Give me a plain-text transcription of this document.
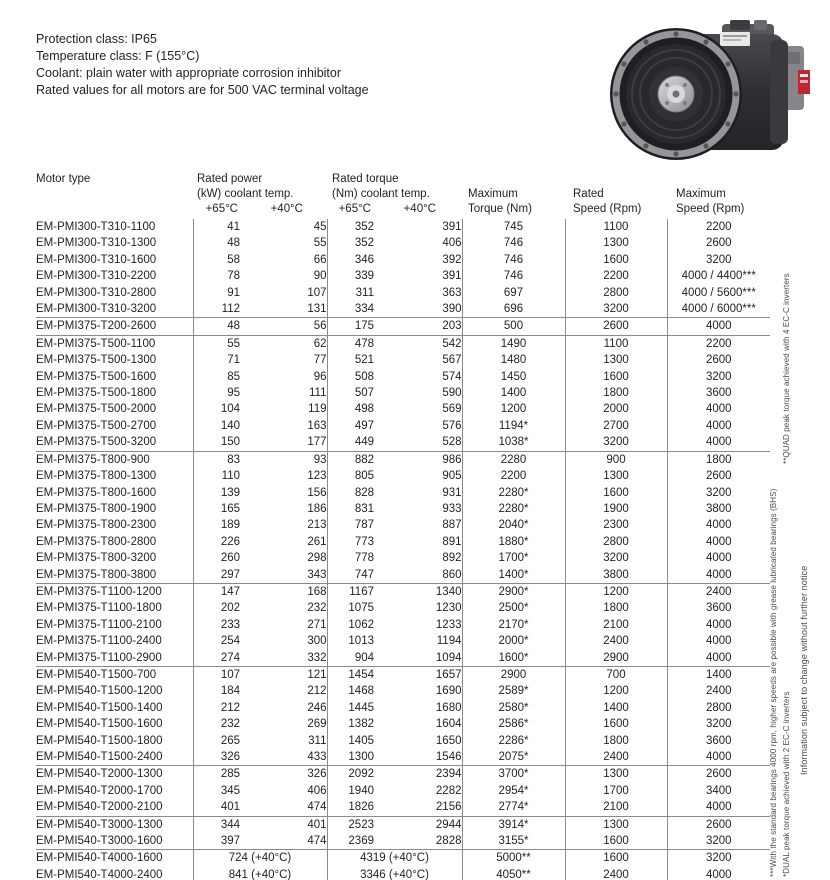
Protection class: IP65
Temperature class: F (155°C)
Coolant: plain water with appropriate corrosion inhibitor
Rated values for all motors are for 500 VAC terminal voltage
Motor type	Rated power
(kW) coolant temp.
+65°C	+40°C
Rated torque
(Nm) coolant temp.
+65°C	+40°C
Maximum
Torque (Nm)
Rated
Speed (Rpm)
Maximum
Speed (Rpm)
EM-PMI300-T310-1100	41	45	352	391	745	1100	2200
EM-PMI300-T310-1300	48	55	352	406	746	1300	2600
EM-PMI300-T310-1600	58	66	346	392	746	1600	3200
EM-PMI300-T310-2200	78	90	339	391	746	2200	4000 / 4400***
EM-PMI300-T310-2800	91	107	311	363	697	2800	4000 / 5600***
EM-PMI300-T310-3200	112	131	334	390	696	3200	4000 / 6000***
EM-PMI375-T200-2600	48	56	175	203	500	2600	4000
EM-PMI375-T500-1100	55	62	478	542	1490	1100	2200
EM-PMI375-T500-1300	71	77	521	567	1480	1300	2600
EM-PMI375-T500-1600	85	96	508	574	1450	1600	3200
EM-PMI375-T500-1800	95	111	507	590	1400	1800	3600
EM-PMI375-T500-2000	104	119	498	569	1200	2000	4000
EM-PMI375-T500-2700	140	163	497	576	1194*	2700	4000
EM-PMI375-T500-3200	150	177	449	528	1038*	3200	4000
EM-PMI375-T800-900	83	93	882	986	2280	900	1800
EM-PMI375-T800-1300	110	123	805	905	2200	1300	2600
EM-PMI375-T800-1600	139	156	828	931	2280*	1600	3200
EM-PMI375-T800-1900	165	186	831	933	2280*	1900	3800
EM-PMI375-T800-2300	189	213	787	887	2040*	2300	4000
EM-PMI375-T800-2800	226	261	773	891	1880*	2800	4000
EM-PMI375-T800-3200	260	298	778	892	1700*	3200	4000
EM-PMI375-T800-3800	297	343	747	860	1400*	3800	4000
EM-PMI375-T1100-1200	147	168	1167	1340	2900*	1200	2400
EM-PMI375-T1100-1800	202	232	1075	1230	2500*	1800	3600
EM-PMI375-T1100-2100	233	271	1062	1233	2170*	2100	4000
EM-PMI375-T1100-2400	254	300	1013	1194	2000*	2400	4000
EM-PMI375-T1100-2900	274	332	904	1094	1600*	2900	4000
EM-PMI540-T1500-700	107	121	1454	1657	2900	700	1400
EM-PMI540-T1500-1200	184	212	1468	1690	2589*	1200	2400
EM-PMI540-T1500-1400	212	246	1445	1680	2580*	1400	2800
EM-PMI540-T1500-1600	232	269	1382	1604	2586*	1600	3200
EM-PMI540-T1500-1800	265	311	1405	1650	2286*	1800	3600
EM-PMI540-T1500-2400	326	433	1300	1546	2075*	2400	4000
EM-PMI540-T2000-1300	285	326	2092	2394	3700*	1300	2600
EM-PMI540-T2000-1700	345	406	1940	2282	2954*	1700	3400
EM-PMI540-T2000-2100	401	474	1826	2156	2774*	2100	4000
EM-PMI540-T3000-1300	344	401	2523	2944	3914*	1300	2600
EM-PMI540-T3000-1600	397	474	2369	2828	3155*	1600	3200
EM-PMI540-T4000-1600	724 (+40°C)		4319 (+40°C)		5000**	1600	3200
EM-PMI540-T4000-2400	841 (+40°C)		3346 (+40°C)		4050**	2400	4000	***With the standard bearings 4000 rpm, higher speeds are possible with grease lubricated bearings (BHS) *DUAL peak torque achieved with 2 EC-C inverters
**QUAD peak torque achieved with 4 EC-C inverters
Information subject to change without further notice
